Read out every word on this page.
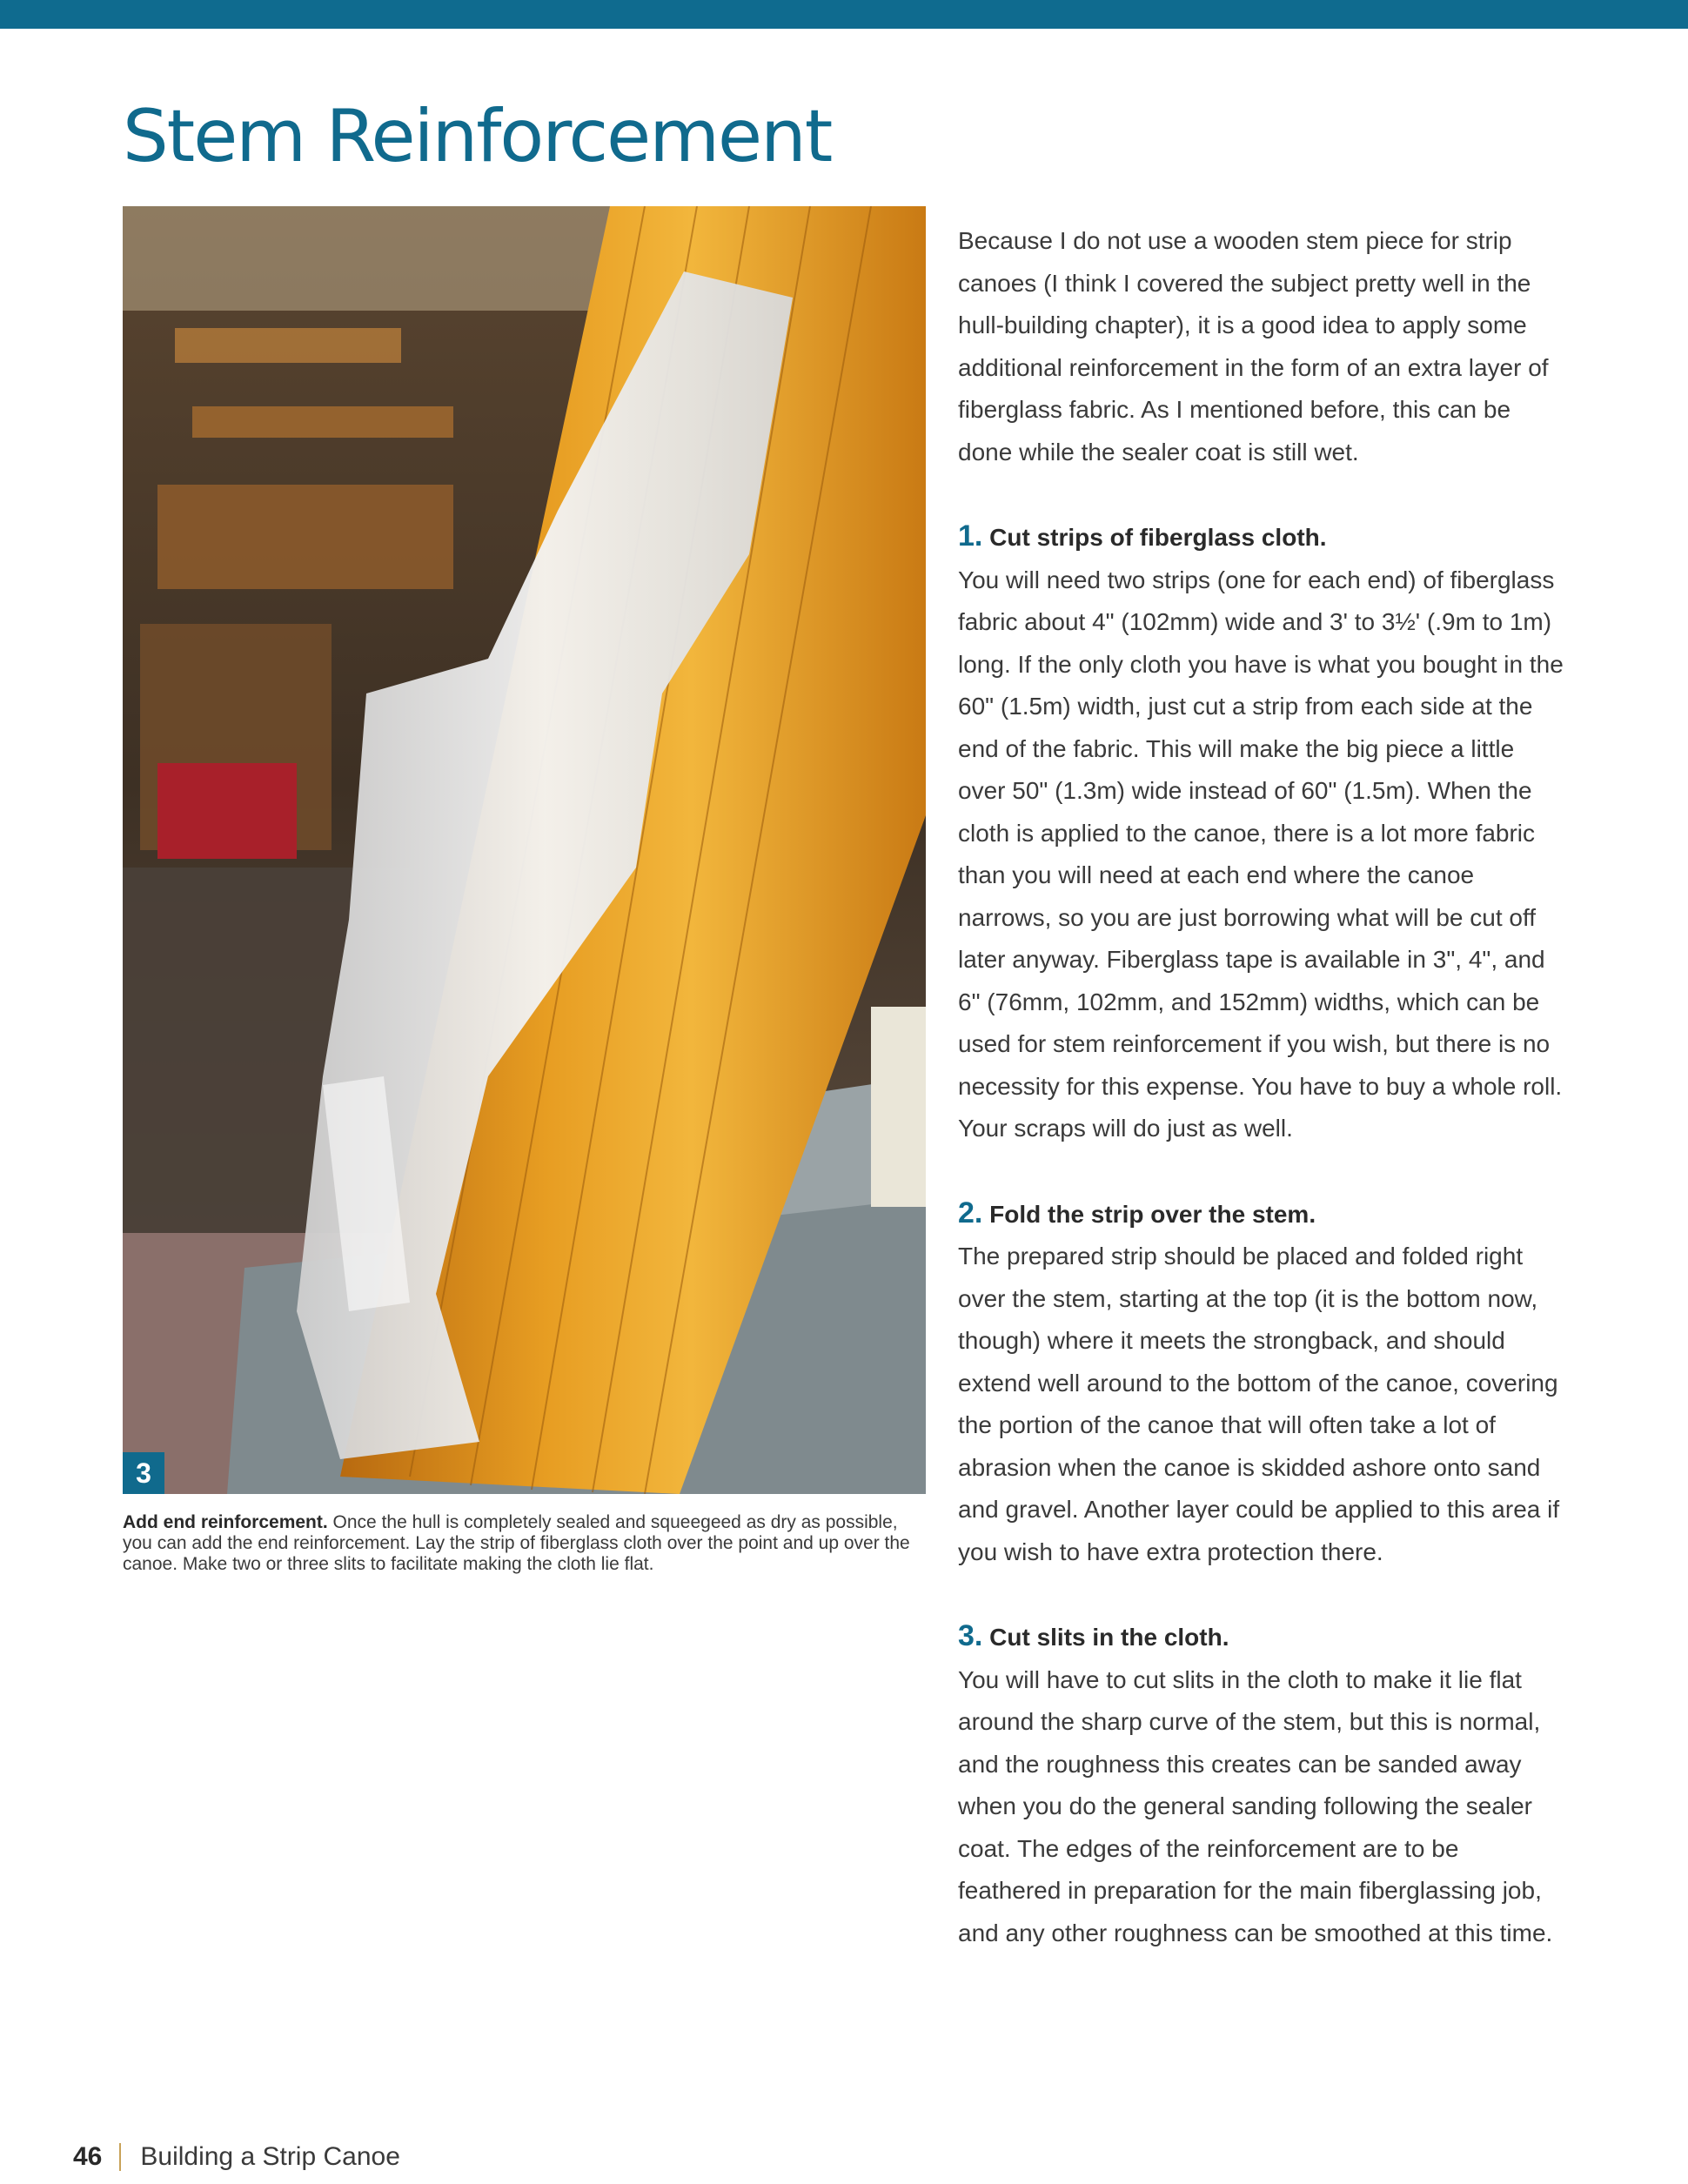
Stem Reinforcement
3
Add end reinforcement. Once the hull is completely sealed and squeegeed as dry as possible, you can add the end reinforcement. Lay the strip of fiberglass cloth over the point and up over the canoe. Make two or three slits to facilitate making the cloth lie flat.

Because I do not use a wooden stem piece for strip canoes (I think I covered the subject pretty well in the hull-building chapter), it is a good idea to apply some additional reinforcement in the form of an extra layer of fiberglass fabric. As I mentioned before, this can be done while the sealer coat is still wet.

1. Cut strips of fiberglass cloth.

You will need two strips (one for each end) of fiberglass fabric about 4" (102mm) wide and 3' to 3½' (.9m to 1m) long. If the only cloth you have is what you bought in the 60" (1.5m) width, just cut a strip from each side at the end of the fabric. This will make the big piece a little over 50" (1.3m) wide instead of 60" (1.5m). When the cloth is applied to the canoe, there is a lot more fabric than you will need at each end where the canoe narrows, so you are just borrowing what will be cut off later anyway. Fiberglass tape is available in 3", 4", and 6" (76mm, 102mm, and 152mm) widths, which can be used for stem reinforcement if you wish, but there is no necessity for this expense. You have to buy a whole roll. Your scraps will do just as well.

2. Fold the strip over the stem.

The prepared strip should be placed and folded right over the stem, starting at the top (it is the bottom now, though) where it meets the strongback, and should extend well around to the bottom of the canoe, covering the portion of the canoe that will often take a lot of abrasion when the canoe is skidded ashore onto sand and gravel. Another layer could be applied to this area if you wish to have extra protection there.

3. Cut slits in the cloth.

You will have to cut slits in the cloth to make it lie flat around the sharp curve of the stem, but this is normal, and the roughness this creates can be sanded away when you do the general sanding following the sealer coat. The edges of the reinforcement are to be feathered in preparation for the main fiberglassing job, and any other roughness can be smoothed at this time.

46 Building a Strip Canoe
